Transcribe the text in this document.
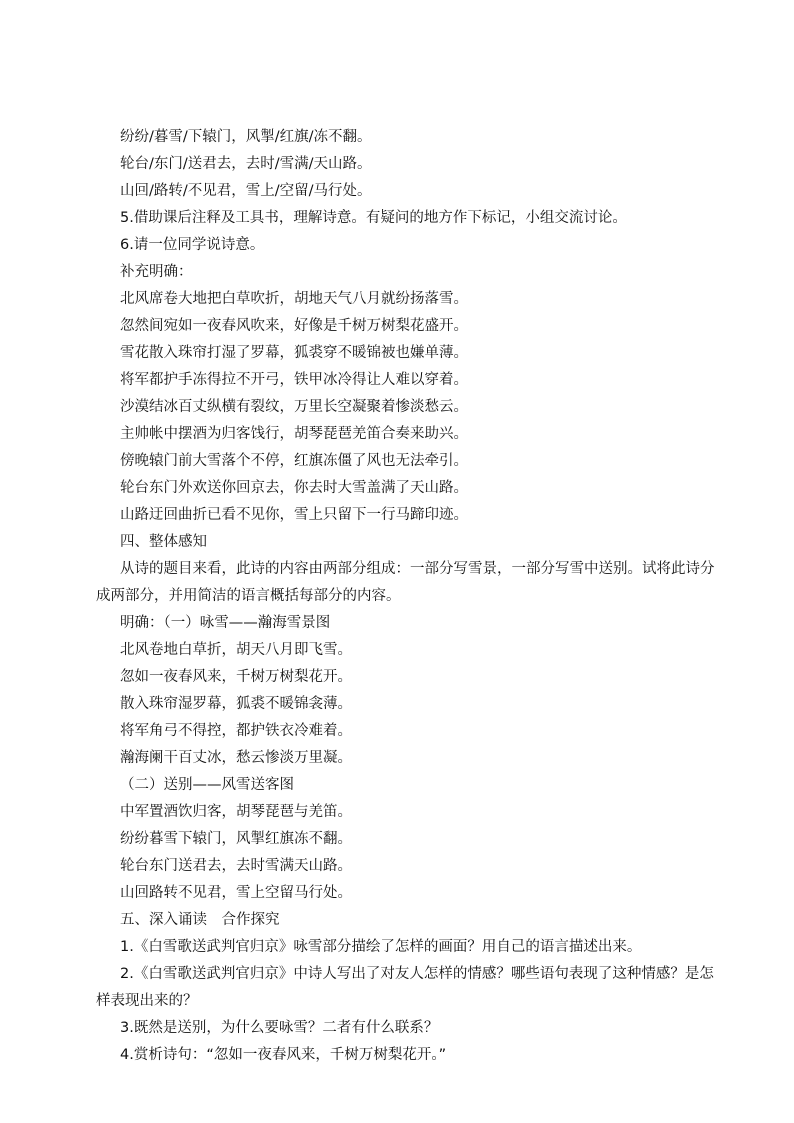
纷纷/暮雪/下辕门，风掣/红旗/冻不翻。
轮台/东门/送君去，去时/雪满/天山路。
山回/路转/不见君，雪上/空留/马行处。
5.借助课后注释及工具书，理解诗意。有疑问的地方作下标记，小组交流讨论。
6.请一位同学说诗意。
补充明确：
北风席卷大地把白草吹折，胡地天气八月就纷扬落雪。
忽然间宛如一夜春风吹来，好像是千树万树梨花盛开。
雪花散入珠帘打湿了罗幕，狐裘穿不暖锦被也嫌单薄。
将军都护手冻得拉不开弓，铁甲冰冷得让人难以穿着。
沙漠结冰百丈纵横有裂纹，万里长空凝聚着惨淡愁云。
主帅帐中摆酒为归客饯行，胡琴琵琶羌笛合奏来助兴。
傍晚辕门前大雪落个不停，红旗冻僵了风也无法牵引。
轮台东门外欢送你回京去，你去时大雪盖满了天山路。
山路迂回曲折已看不见你，雪上只留下一行马蹄印迹。
四、整体感知
从诗的题目来看，此诗的内容由两部分组成：一部分写雪景，一部分写雪中送别。试将此诗分
成两部分，并用简洁的语言概括每部分的内容。
明确：（一）咏雪——瀚海雪景图
北风卷地白草折，胡天八月即飞雪。
忽如一夜春风来，千树万树梨花开。
散入珠帘湿罗幕，狐裘不暖锦衾薄。
将军角弓不得控，都护铁衣冷难着。
瀚海阑干百丈冰，愁云惨淡万里凝。
（二）送别——风雪送客图
中军置酒饮归客，胡琴琵琶与羌笛。
纷纷暮雪下辕门，风掣红旗冻不翻。
轮台东门送君去，去时雪满天山路。
山回路转不见君，雪上空留马行处。
五、深入诵读　合作探究
1.《白雪歌送武判官归京》咏雪部分描绘了怎样的画面？用自己的语言描述出来。
2.《白雪歌送武判官归京》中诗人写出了对友人怎样的情感？哪些语句表现了这种情感？是怎
样表现出来的？
3.既然是送别，为什么要咏雪？二者有什么联系？
4.赏析诗句：“忽如一夜春风来，千树万树梨花开。”
